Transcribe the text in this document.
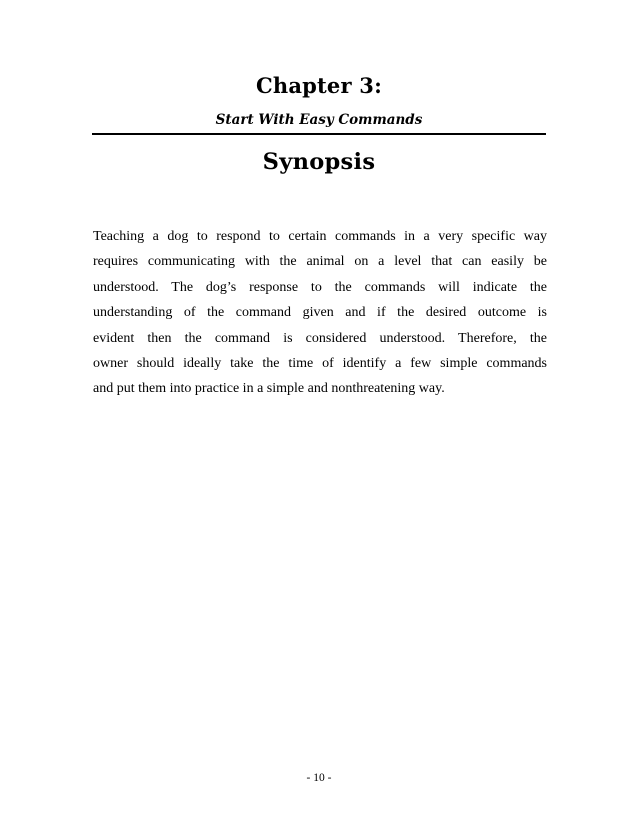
Chapter 3:
Start With Easy Commands
Synopsis
Teaching a dog to respond to certain commands in a very specific way
requires communicating with the animal on a level that can easily be
understood. The dog’s response to the commands will indicate the
understanding of the command given and if the desired outcome is
evident then the command is considered understood. Therefore, the
owner should ideally take the time of identify a few simple commands
and put them into practice in a simple and nonthreatening way.
- 10 -
